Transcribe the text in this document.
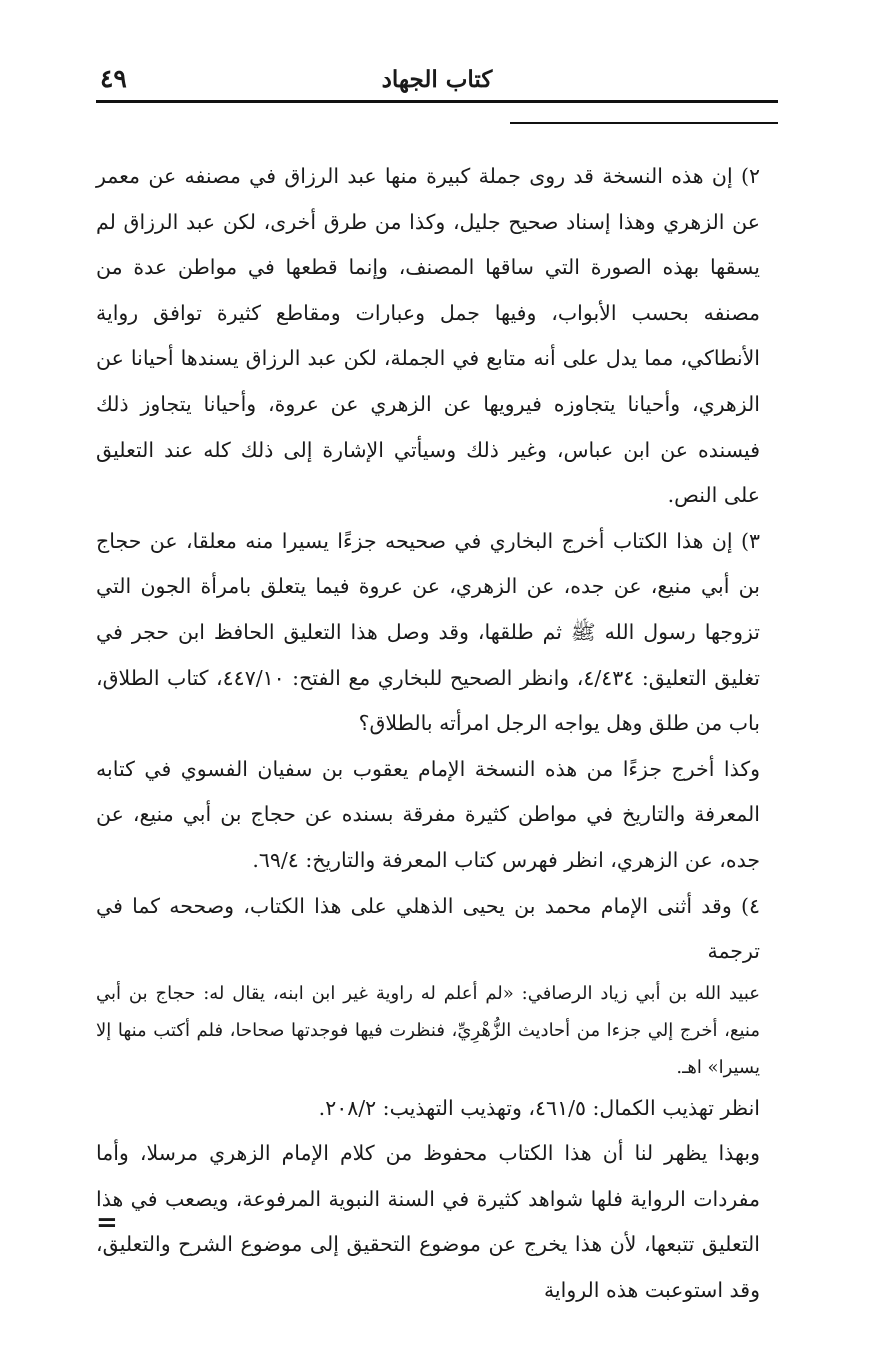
كتاب الجهاد
٤٩

٢) إن هذه النسخة قد روى جملة كبيرة منها عبد الرزاق في مصنفه عن معمر عن الزهري وهذا إسناد صحيح جليل، وكذا من طرق أخرى، لكن عبد الرزاق لم يسقها بهذه الصورة التي ساقها المصنف، وإنما قطعها في مواطن عدة من مصنفه بحسب الأبواب، وفيها جمل وعبارات ومقاطع كثيرة توافق رواية الأنطاكي، مما يدل على أنه متابع في الجملة، لكن عبد الرزاق يسندها أحيانا عن الزهري، وأحيانا يتجاوزه فيرويها عن الزهري عن عروة، وأحيانا يتجاوز ذلك فيسنده عن ابن عباس، وغير ذلك وسيأتي الإشارة إلى ذلك كله عند التعليق على النص.

٣) إن هذا الكتاب أخرج البخاري في صحيحه جزءًا يسيرا منه معلقا، عن حجاج بن أبي منيع، عن جده، عن الزهري، عن عروة فيما يتعلق بامرأة الجون التي تزوجها رسول الله ﷺ ثم طلقها، وقد وصل هذا التعليق الحافظ ابن حجر في تغليق التعليق: ٤/٤٣٤، وانظر الصحيح للبخاري مع الفتح: ٤٤٧/١٠، كتاب الطلاق، باب من طلق وهل يواجه الرجل امرأته بالطلاق؟

وكذا أخرج جزءًا من هذه النسخة الإمام يعقوب بن سفيان الفسوي في كتابه المعرفة والتاريخ في مواطن كثيرة مفرقة بسنده عن حجاج بن أبي منيع، عن جده، عن الزهري، انظر فهرس كتاب المعرفة والتاريخ: ٦٩/٤.

٤) وقد أثنى الإمام محمد بن يحيى الذهلي على هذا الكتاب، وصححه كما في ترجمة

عبيد الله بن أبي زياد الرصافي: «لم أعلم له راوية غير ابن ابنه، يقال له: حجاج بن أبي منيع، أخرج إلي جزءا من أحاديث الزُّهْرِيِّ، فنظرت فيها فوجدتها صحاحا، فلم أكتب منها إلا يسيرا» اهـ.

انظر تهذيب الكمال: ٤٦١/٥، وتهذيب التهذيب: ٢٠٨/٢.

وبهذا يظهر لنا أن هذا الكتاب محفوظ من كلام الإمام الزهري مرسلا، وأما مفردات الرواية فلها شواهد كثيرة في السنة النبوية المرفوعة، ويصعب في هذا التعليق تتبعها، لأن هذا يخرج عن موضوع التحقيق إلى موضوع الشرح والتعليق، وقد استوعبت هذه الرواية

=
